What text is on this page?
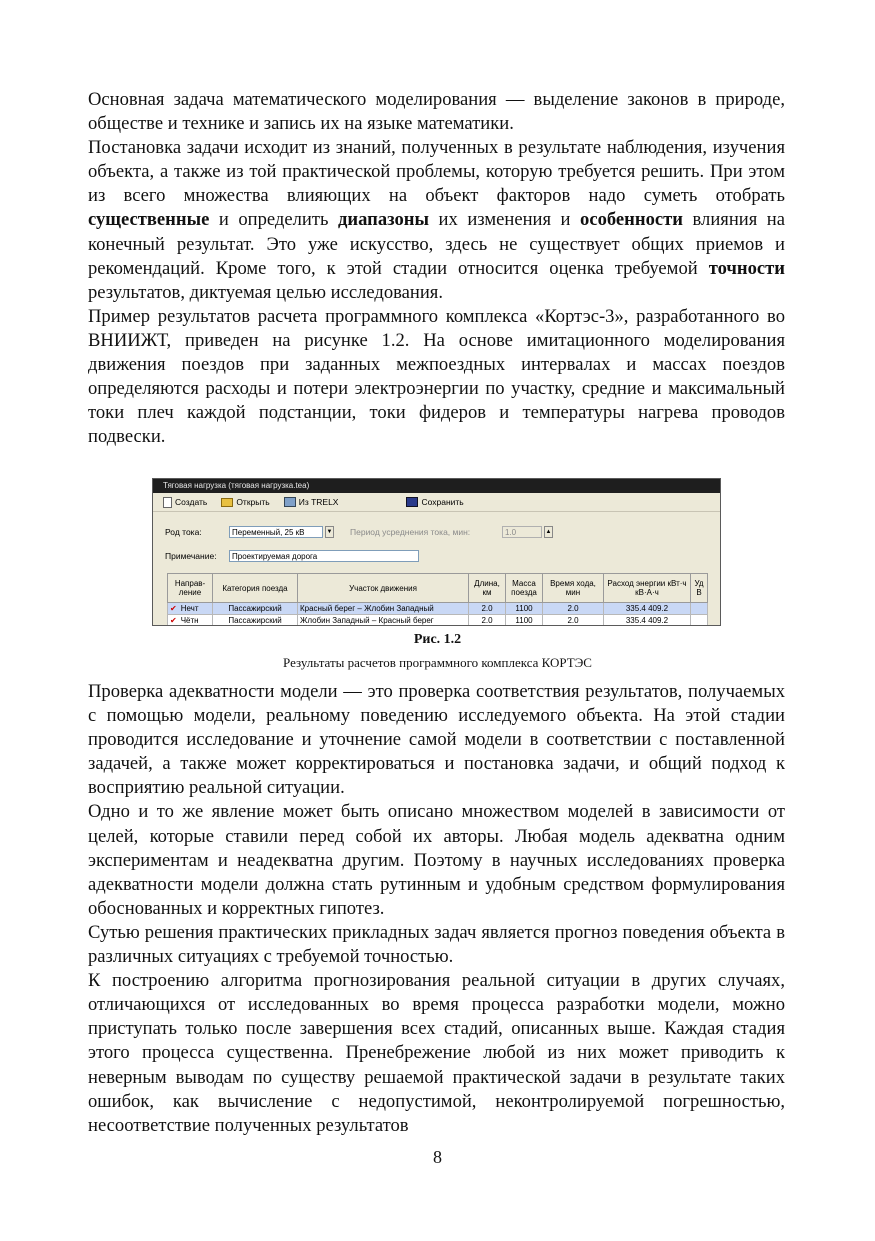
Основная задача математического моделирования — выделение законов в природе, обществе и технике и запись их на языке математики.

Постановка задачи исходит из знаний, полученных в результате наблюдения, изучения объекта, а также из той практической проблемы, которую требуется решить. При этом из всего множества влияющих на объект факторов надо суметь отобрать существенные и определить диапазоны их изменения и особенности влияния на конечный результат. Это уже искусство, здесь не существует общих приемов и рекомендаций. Кроме того, к этой стадии относится оценка требуемой точности результатов, диктуемая целью исследования.

Пример результатов расчета программного комплекса «Кортэс-3», разработанного во ВНИИЖТ, приведен на рисунке 1.2. На основе имитационного моделирования движения поездов при заданных межпоездных интервалах и массах поездов определяются расходы и потери электроэнергии по участку, средние и максимальный токи плеч каждой подстанции, токи фидеров и температуры нагрева проводов подвески.

Тяговая нагрузка (тяговая нагрузка.tea)
Создать	Открыть	Из TRELX	Сохранить
Род тока:	Переменный, 25 кВ	▼ Период усреднения тока, мин:	1.0	▲
Примечание:	Проектируемая дорога
Направ-ление	Категория поезда	Участок движения	Длина, км	Масса поезда	Время хода, мин	Расход энергии кВт·ч кВ·А·ч	Уд В
✔ Нечт	Пассажирский	Красный берег – Жлобин Западный	2.0	1100	2.0	335.4 409.2	
✔ Чётн	Пассажирский	Жлобин Западный – Красный берег	2.0	1100	2.0	335.4 409.2	
Рис. 1.2
Результаты расчетов программного комплекса КОРТЭС

Проверка адекватности модели — это проверка соответствия результатов, получаемых с помощью модели, реальному поведению исследуемого объекта. На этой стадии проводится исследование и уточнение самой модели в соответствии с поставленной задачей, а также может корректироваться и постановка задачи, и общий подход к восприятию реальной ситуации.

Одно и то же явление может быть описано множеством моделей в зависимости от целей, которые ставили перед собой их авторы. Любая модель адекватна одним экспериментам и неадекватна другим. Поэтому в научных исследованиях проверка адекватности модели должна стать рутинным и удобным средством формулирования обоснованных и корректных гипотез.

Сутью решения практических прикладных задач является прогноз поведения объекта в различных ситуациях с требуемой точностью.

К построению алгоритма прогнозирования реальной ситуации в других случаях, отличающихся от исследованных во время процесса разработки модели, можно приступать только после завершения всех стадий, описанных выше. Каждая стадия этого процесса существенна. Пренебрежение любой из них может приводить к неверным выводам по существу решаемой практической задачи в результате таких ошибок, как вычисление с недопустимой, неконтролируемой погрешностью, несоответствие полученных результатов

8
